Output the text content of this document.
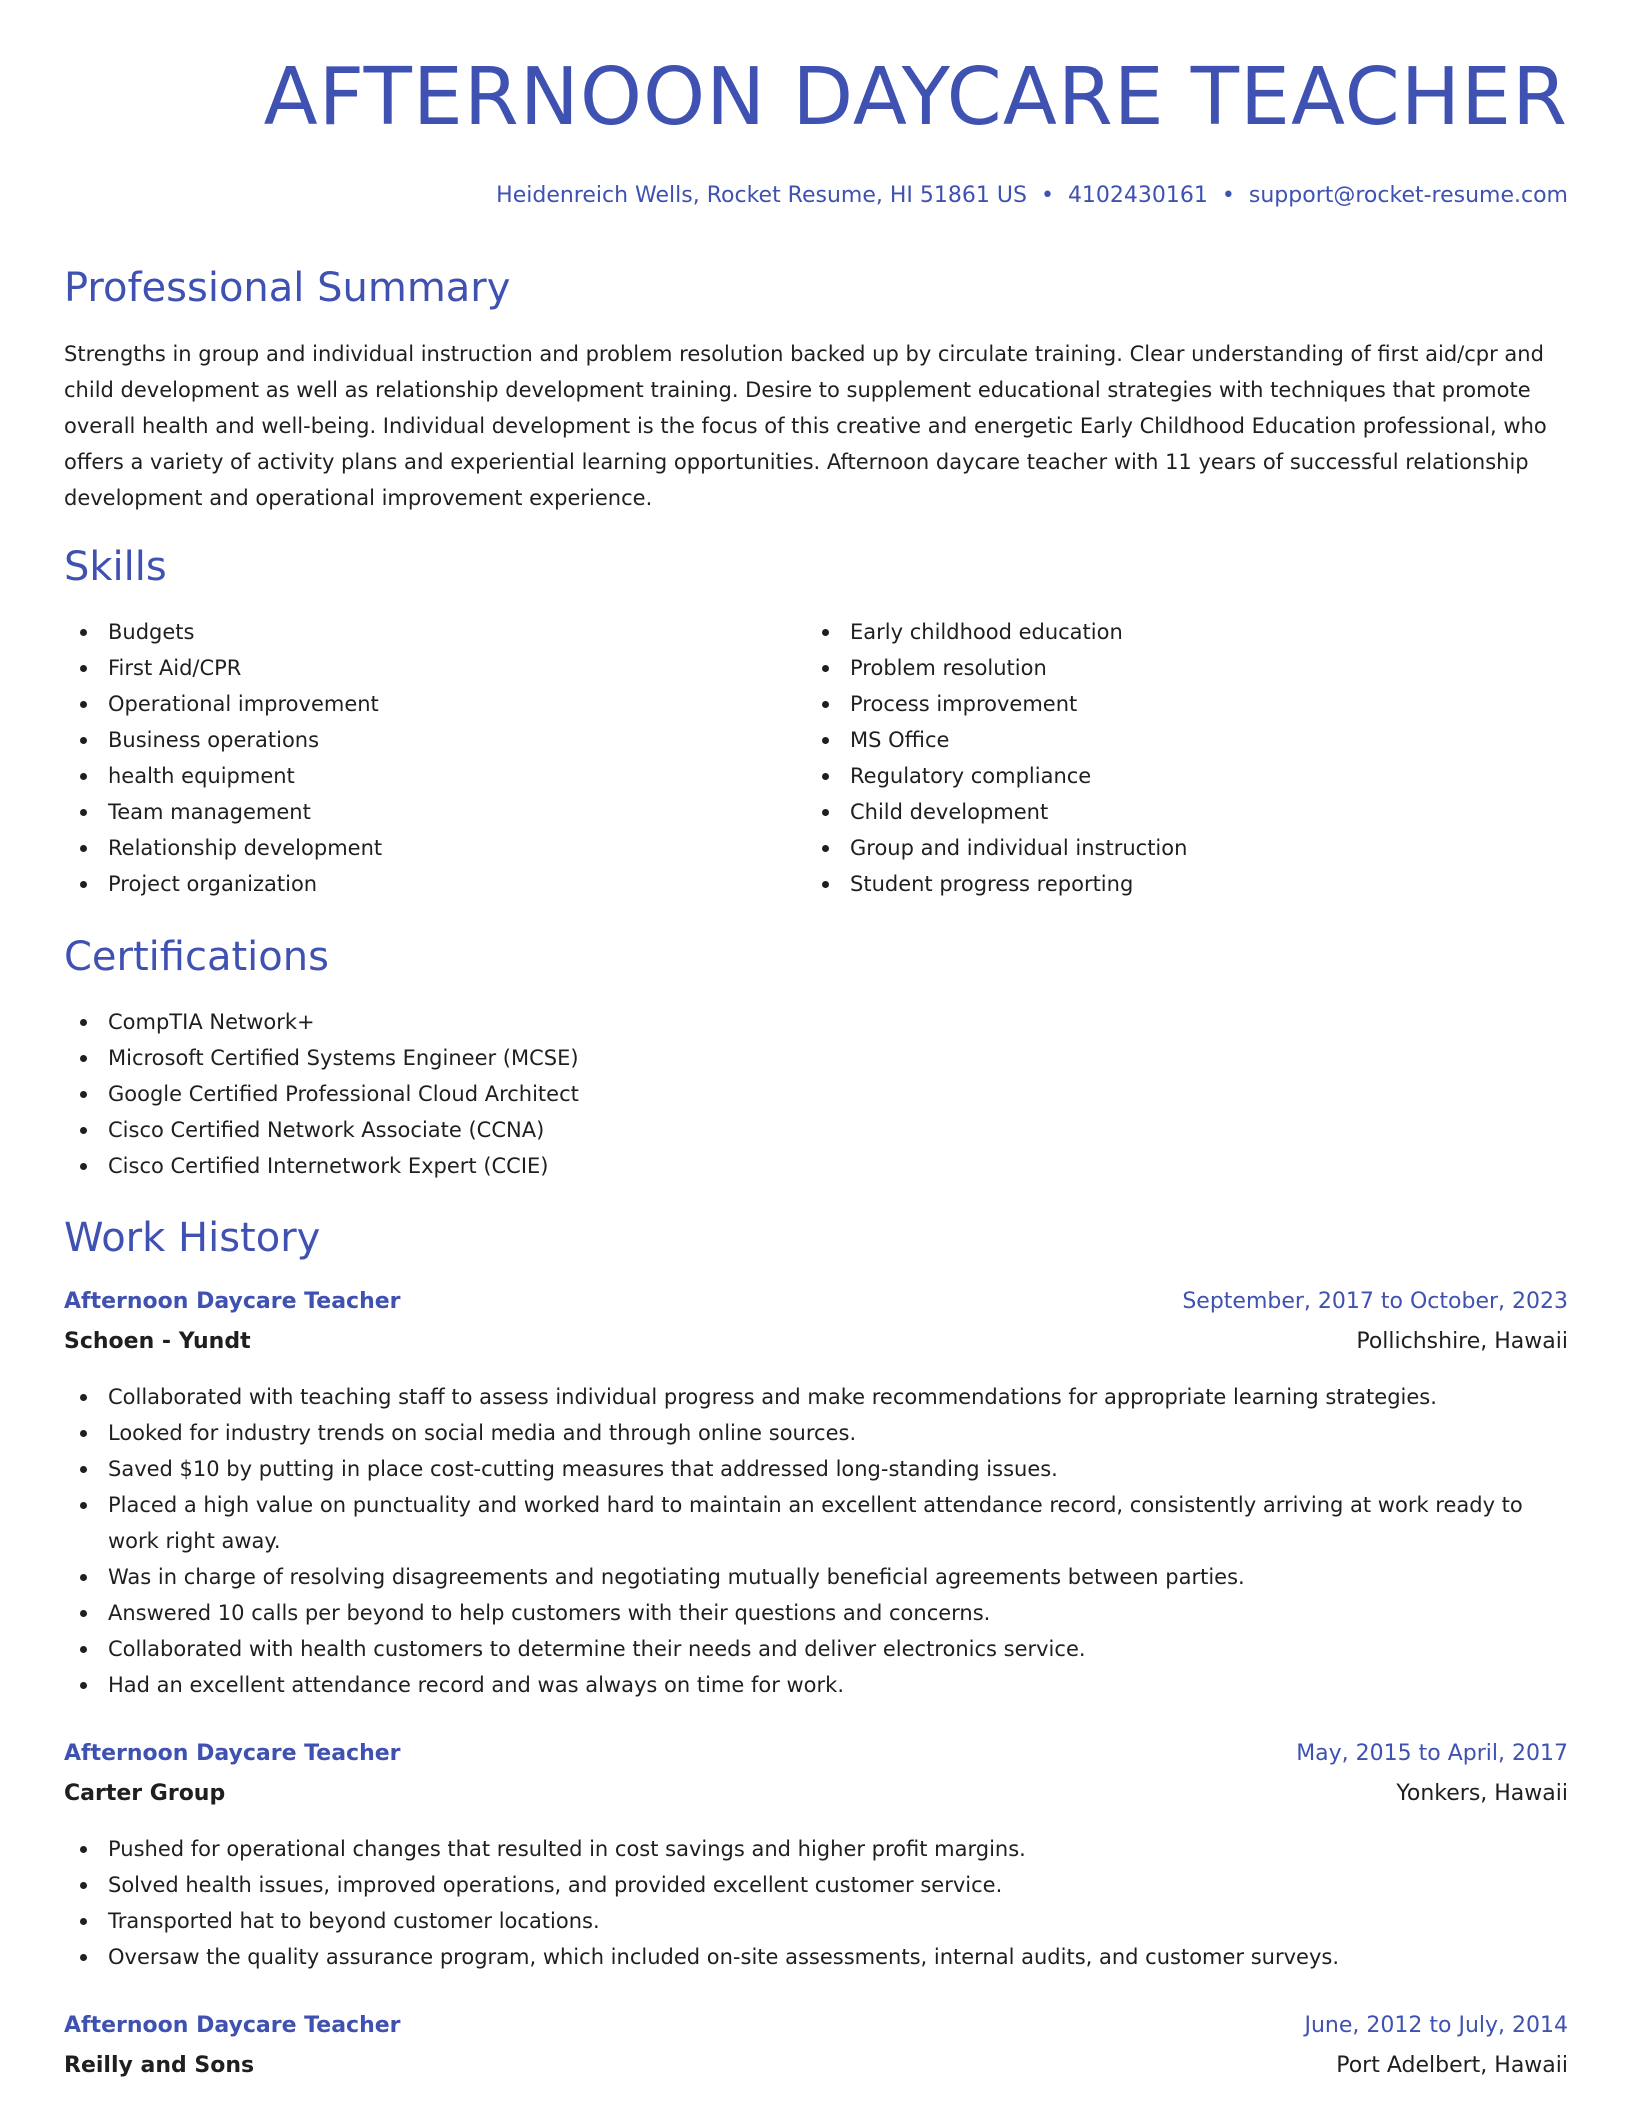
AFTERNOON DAYCARE TEACHER
Heidenreich Wells, Rocket Resume, HI 51861 US • 4102430161 • support@rocket-resume.com
Professional Summary

Strengths in group and individual instruction and problem resolution backed up by circulate training. Clear understanding of first aid/cpr and child development as well as relationship development training. Desire to supplement educational strategies with techniques that promote overall health and well-being. Individual development is the focus of this creative and energetic Early Childhood Education professional, who offers a variety of activity plans and experiential learning opportunities. Afternoon daycare teacher with 11 years of successful relationship development and operational improvement experience.

Skills
Budgets
First Aid/CPR
Operational improvement
Business operations
health equipment
Team management
Relationship development
Project organization
Early childhood education
Problem resolution
Process improvement
MS Office
Regulatory compliance
Child development
Group and individual instruction
Student progress reporting
Certifications
CompTIA Network+
Microsoft Certified Systems Engineer (MCSE)
Google Certified Professional Cloud Architect
Cisco Certified Network Associate (CCNA)
Cisco Certified Internetwork Expert (CCIE)
Work History
Afternoon Daycare Teacher	September, 2017 to October, 2023
Schoen - Yundt	Pollichshire, Hawaii
Collaborated with teaching staff to assess individual progress and make recommendations for appropriate learning strategies.
Looked for industry trends on social media and through online sources.
Saved $10 by putting in place cost-cutting measures that addressed long-standing issues.
Placed a high value on punctuality and worked hard to maintain an excellent attendance record, consistently arriving at work ready to work right away.
Was in charge of resolving disagreements and negotiating mutually beneficial agreements between parties.
Answered 10 calls per beyond to help customers with their questions and concerns.
Collaborated with health customers to determine their needs and deliver electronics service.
Had an excellent attendance record and was always on time for work.
Afternoon Daycare Teacher	May, 2015 to April, 2017
Carter Group	Yonkers, Hawaii
Pushed for operational changes that resulted in cost savings and higher profit margins.
Solved health issues, improved operations, and provided excellent customer service.
Transported hat to beyond customer locations.
Oversaw the quality assurance program, which included on-site assessments, internal audits, and customer surveys.
Afternoon Daycare Teacher	June, 2012 to July, 2014
Reilly and Sons	Port Adelbert, Hawaii
